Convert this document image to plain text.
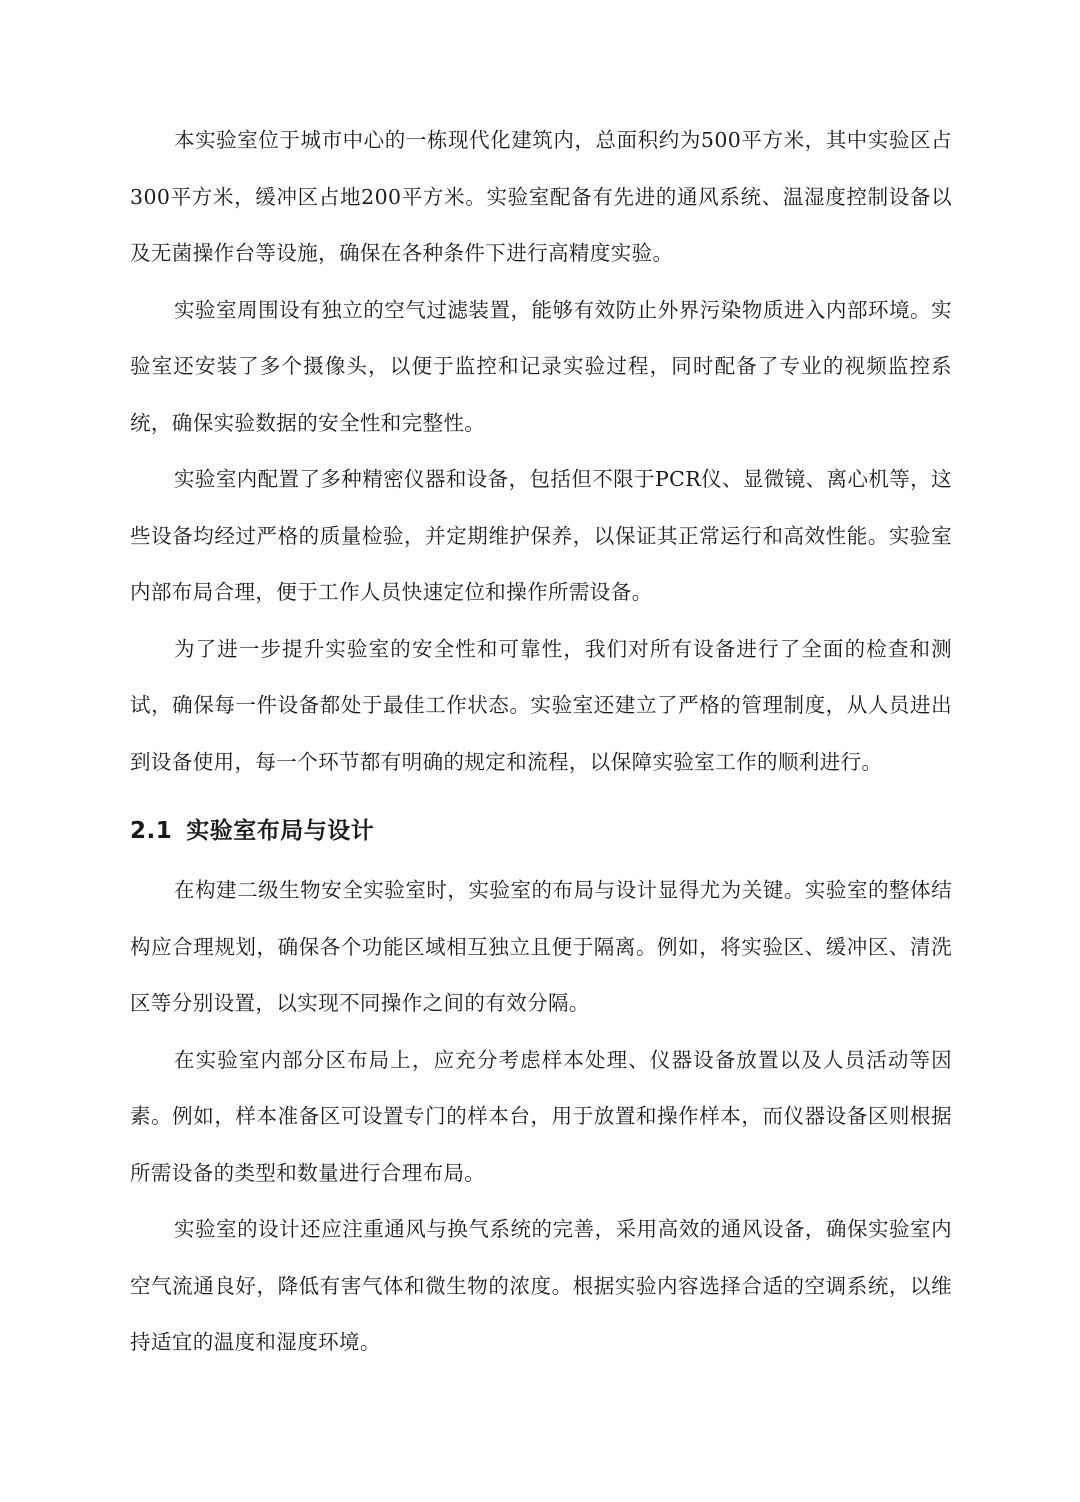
本实验室位于城市中心的一栋现代化建筑内，总面积约为500平方米，其中实验区占300平方米，缓冲区占地200平方米。实验室配备有先进的通风系统、温湿度控制设备以及无菌操作台等设施，确保在各种条件下进行高精度实验。

实验室周围设有独立的空气过滤装置，能够有效防止外界污染物质进入内部环境。实验室还安装了多个摄像头，以便于监控和记录实验过程，同时配备了专业的视频监控系统，确保实验数据的安全性和完整性。

实验室内配置了多种精密仪器和设备，包括但不限于PCR仪、显微镜、离心机等，这些设备均经过严格的质量检验，并定期维护保养，以保证其正常运行和高效性能。实验室内部布局合理，便于工作人员快速定位和操作所需设备。

为了进一步提升实验室的安全性和可靠性，我们对所有设备进行了全面的检查和测试，确保每一件设备都处于最佳工作状态。实验室还建立了严格的管理制度，从人员进出到设备使用，每一个环节都有明确的规定和流程，以保障实验室工作的顺利进行。

2.1 实验室布局与设计

在构建二级生物安全实验室时，实验室的布局与设计显得尤为关键。实验室的整体结构应合理规划，确保各个功能区域相互独立且便于隔离。例如，将实验区、缓冲区、清洗区等分别设置，以实现不同操作之间的有效分隔。

在实验室内部分区布局上，应充分考虑样本处理、仪器设备放置以及人员活动等因素。例如，样本准备区可设置专门的样本台，用于放置和操作样本，而仪器设备区则根据所需设备的类型和数量进行合理布局。

实验室的设计还应注重通风与换气系统的完善，采用高效的通风设备，确保实验室内空气流通良好，降低有害气体和微生物的浓度。根据实验内容选择合适的空调系统，以维持适宜的温度和湿度环境。
